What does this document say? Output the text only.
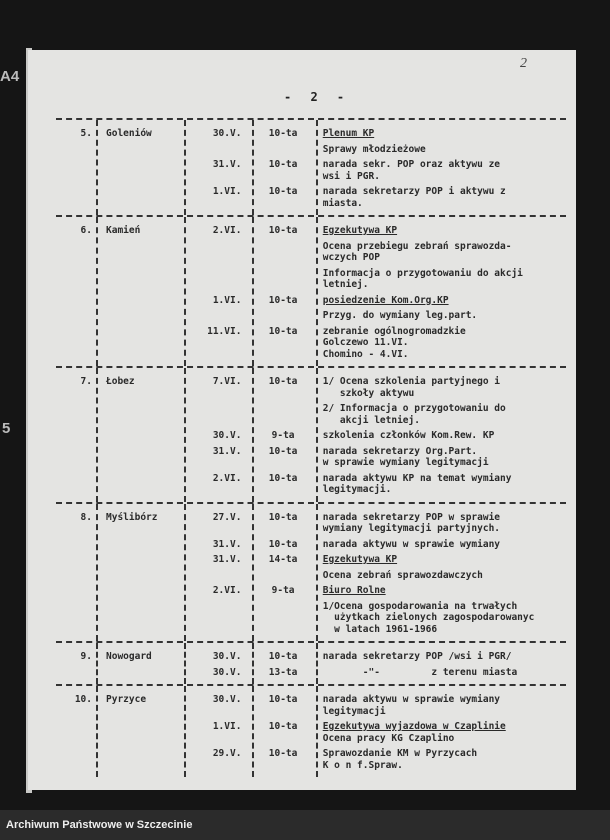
A4
5
2
- 2 -
5. Goleniów	30.V.	10-ta	Plenum KP
Sprawy młodzieżowe
31.V.	10-ta	narada sekr. POP oraz aktywu ze
wsi i PGR.
1.VI.	10-ta	narada sekretarzy POP i aktywu z
miasta.
6. Kamień	2.VI.	10-ta	Egzekutywa KP
Ocena przebiegu zebrań sprawozda-
wczych POP
Informacja o przygotowaniu do akcji
letniej.
1.VI.	10-ta	posiedzenie Kom.Org.KP
Przyg. do wymiany leg.part.
11.VI.	10-ta	zebranie ogólnogromadzkie
Golczewo 11.VI.
Chomino - 4.VI.
7. Łobez	7.VI.	10-ta	1/ Ocena szkolenia partyjnego i
szkoły aktywu
2/ Informacja o przygotowaniu do
akcji letniej.
30.V.	9-ta	szkolenia członków Kom.Rew. KP
31.V.	10-ta	narada sekretarzy Org.Part.
w sprawie wymiany legitymacji
2.VI.	10-ta	narada aktywu KP na temat wymiany
legitymacji.
8. Myślibórz	27.V.	10-ta	narada sekretarzy POP w sprawie
wymiany legitymacji partyjnych.
31.V.	10-ta	narada aktywu w sprawie wymiany
31.V.	14-ta	Egzekutywa KP
Ocena zebrań sprawozdawczych
2.VI.	9-ta	Biuro Rolne
1/Ocena gospodarowania na trwałych
użytkach zielonych zagospodarowanyc
w latach 1961-1966
9. Nowogard	30.V.	10-ta	narada sekretarzy POP /wsi i PGR/
30.V.	13-ta	-"-         z terenu miasta
10. Pyrzyce	30.V.	10-ta	narada aktywu w sprawie wymiany
legitymacji
1.VI.	10-ta	Egzekutywa wyjazdowa w Czaplinie
Ocena pracy KG Czaplino
29.V.	10-ta	Sprawozdanie KM w Pyrzycach
K o n f.Spraw.
Archiwum Państwowe w Szczecinie
